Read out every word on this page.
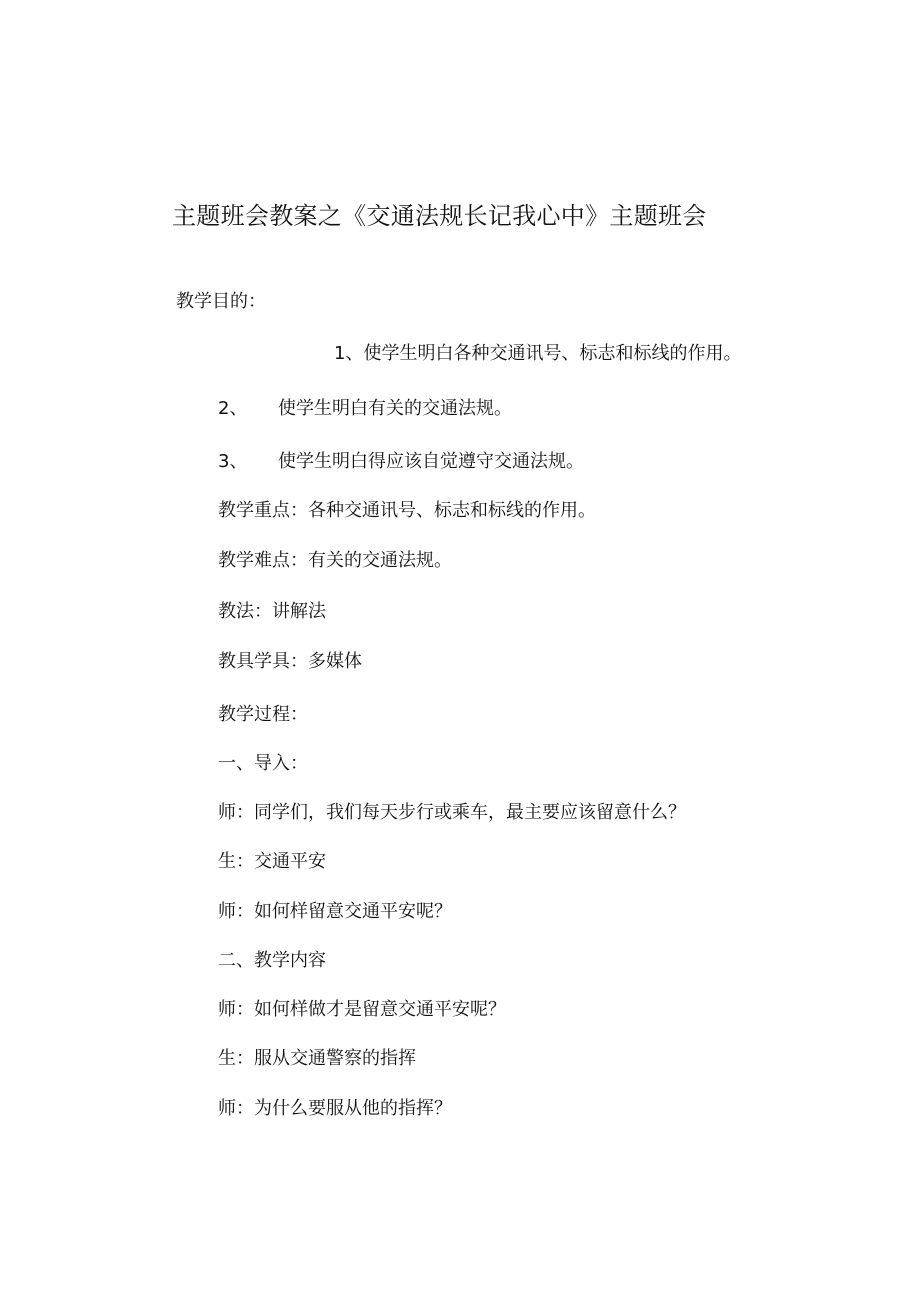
主题班会教案之《交通法规长记我心中》主题班会
教学目的：
1、使学生明白各种交通讯号、标志和标线的作用。
2、 使学生明白有关的交通法规。
3、 使学生明白得应该自觉遵守交通法规。
教学重点：各种交通讯号、标志和标线的作用。
教学难点：有关的交通法规。
教法：讲解法
教具学具：多媒体
教学过程：
一、导入：
师：同学们，我们每天步行或乘车，最主要应该留意什么？
生：交通平安
师：如何样留意交通平安呢？
二、教学内容
师：如何样做才是留意交通平安呢？
生：服从交通警察的指挥
师：为什么要服从他的指挥？
